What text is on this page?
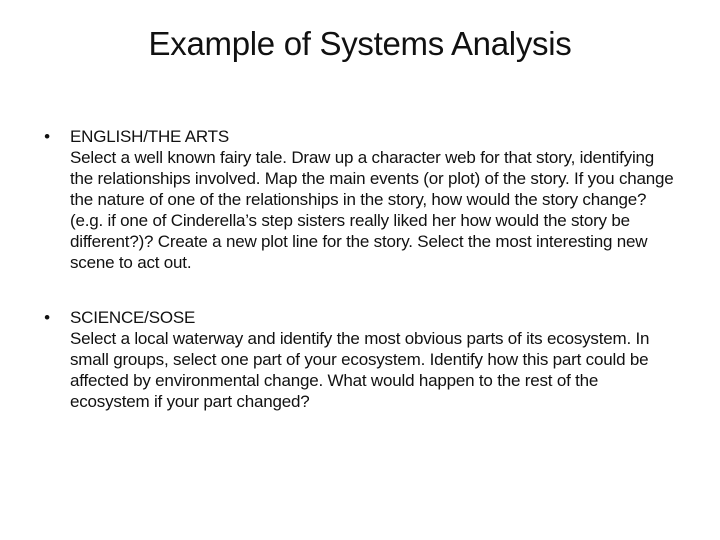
Example of Systems Analysis
• ENGLISH/THE ARTS
Select a well known fairy tale. Draw up a character web for that story, identifying the relationships involved. Map the main events (or plot) of the story. If you change the nature of one of the relationships in the story, how would the story change? (e.g. if one of Cinderella’s step sisters really liked her how would the story be different?)? Create a new plot line for the story. Select the most interesting new scene to act out.
• SCIENCE/SOSE
Select a local waterway and identify the most obvious parts of its ecosystem. In small groups, select one part of your ecosystem. Identify how this part could be affected by environmental change. What would happen to the rest of the ecosystem if your part changed?
